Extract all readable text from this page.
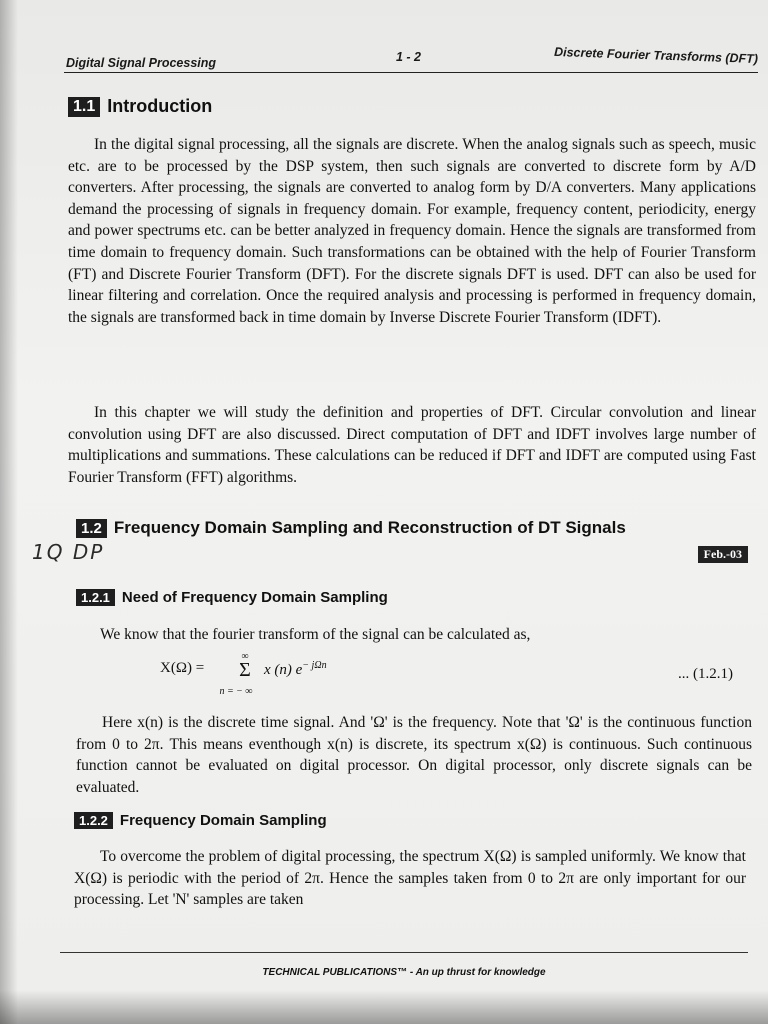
Digital Signal Processing	1 - 2	Discrete Fourier Transforms (DFT)
1.1 Introduction
In the digital signal processing, all the signals are discrete. When the analog signals such as speech, music etc. are to be processed by the DSP system, then such signals are converted to discrete form by A/D converters. After processing, the signals are converted to analog form by D/A converters. Many applications demand the processing of signals in frequency domain. For example, frequency content, periodicity, energy and power spectrums etc. can be better analyzed in frequency domain. Hence the signals are transformed from time domain to frequency domain. Such transformations can be obtained with the help of Fourier Transform (FT) and Discrete Fourier Transform (DFT). For the discrete signals DFT is used. DFT can also be used for linear filtering and correlation. Once the required analysis and processing is performed in frequency domain, the signals are transformed back in time domain by Inverse Discrete Fourier Transform (IDFT).
In this chapter we will study the definition and properties of DFT. Circular convolution and linear convolution using DFT are also discussed. Direct computation of DFT and IDFT involves large number of multiplications and summations. These calculations can be reduced if DFT and IDFT are computed using Fast Fourier Transform (FFT) algorithms.
1.2 Frequency Domain Sampling and Reconstruction of DT Signals
1Q DP	Feb.-03
1.2.1 Need of Frequency Domain Sampling
We know that the fourier transform of the signal can be calculated as,
X(Ω) =
∞
Σ
n = − ∞
x (n) $e^{- j\Omega n}$
... (1.2.1)
Here x(n) is the discrete time signal. And 'Ω' is the frequency. Note that 'Ω' is the continuous function from 0 to 2π. This means eventhough x(n) is discrete, its spectrum x(Ω) is continuous. Such continuous function cannot be evaluated on digital processor. On digital processor, only discrete signals can be evaluated.
1.2.2 Frequency Domain Sampling
To overcome the problem of digital processing, the spectrum X(Ω) is sampled uniformly. We know that X(Ω) is periodic with the period of 2π. Hence the samples taken from 0 to 2π are only important for our processing. Let 'N' samples are taken
TECHNICAL PUBLICATIONS™ - An up thrust for knowledge
